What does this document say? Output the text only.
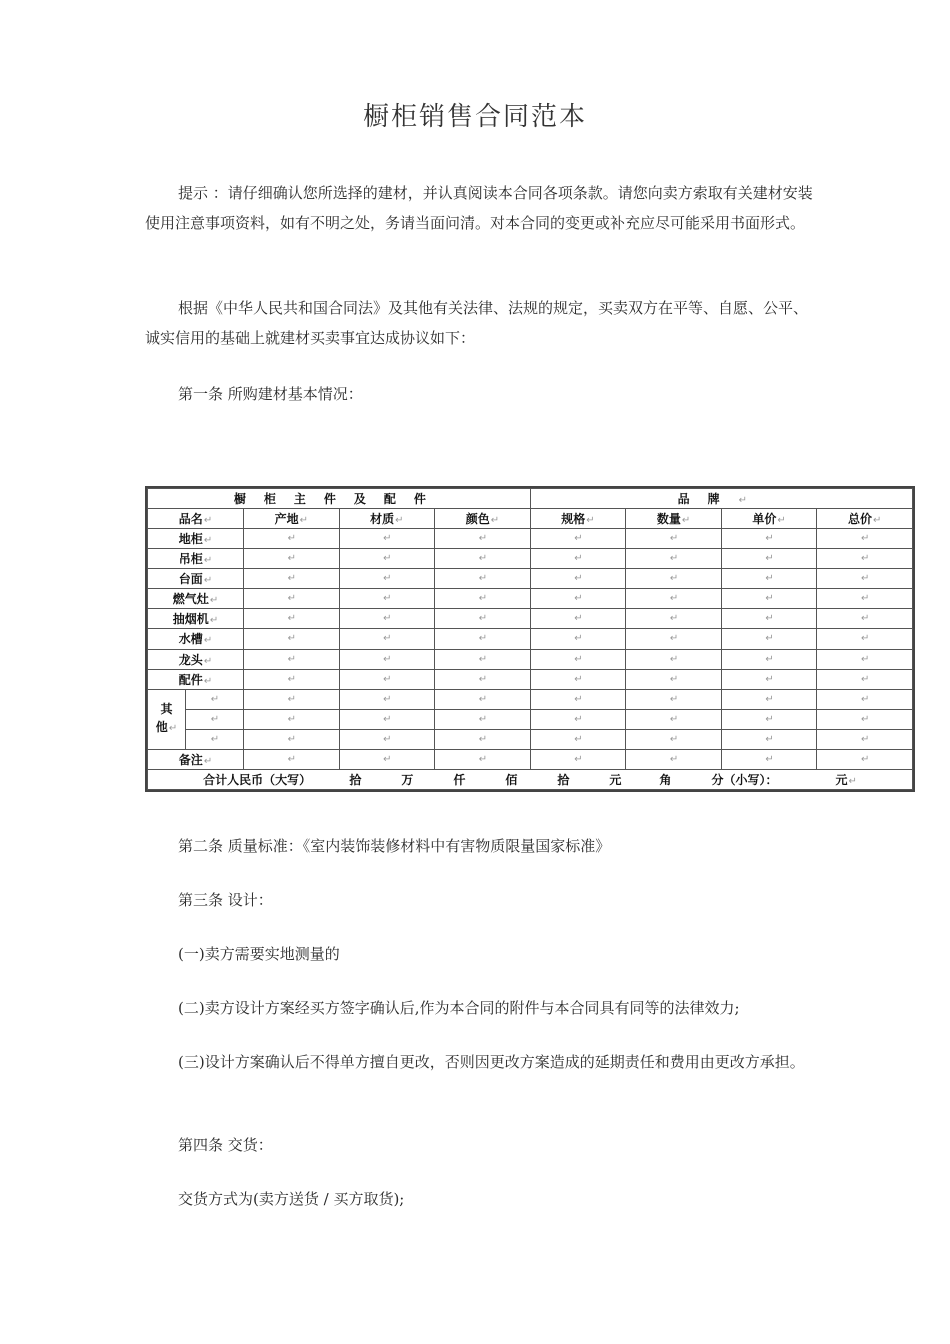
橱柜销售合同范本

提示 ：请仔细确认您所选择的建材，并认真阅读本合同各项条款。请您向卖方索取有关建材安装使用注意事项资料，如有不明之处，务请当面问清。对本合同的变更或补充应尽可能采用书面形式。

根据《中华人民共和国合同法》及其他有关法律、法规的规定，买卖双方在平等、自愿、公平、诚实信用的基础上就建材买卖事宜达成协议如下：

第一条 所购建材基本情况：

橱柜主件及配件					品牌↵			
品名↵		产地↵	材质↵	颜色↵	规格↵	数量↵	单价↵	总价↵
地柜↵		↵	↵	↵	↵	↵	↵	↵
吊柜↵		↵	↵	↵	↵	↵	↵	↵
台面↵		↵	↵	↵	↵	↵	↵	↵
燃气灶↵		↵	↵	↵	↵	↵	↵	↵
抽烟机↵		↵	↵	↵	↵	↵	↵	↵
水槽↵		↵	↵	↵	↵	↵	↵	↵
龙头↵		↵	↵	↵	↵	↵	↵	↵
配件↵		↵	↵	↵	↵	↵	↵	↵
其
他↵	↵	↵	↵	↵	↵	↵	↵	↵
	↵	↵	↵	↵	↵	↵	↵	↵
	↵	↵	↵	↵	↵	↵	↵	↵
备注↵		↵	↵	↵	↵	↵	↵	↵
合计人民币（大写） 拾 万 仟 佰 拾 元 角 分（小写）： 元↵								

第二条 质量标准：《室内装饰装修材料中有害物质限量国家标准》

第三条 设计：

(一)卖方需要实地测量的

(二)卖方设计方案经买方签字确认后,作为本合同的附件与本合同具有同等的法律效力;

(三)设计方案确认后不得单方擅自更改，否则因更改方案造成的延期责任和费用由更改方承担。

第四条 交货：

交货方式为(卖方送货 / 买方取货);
